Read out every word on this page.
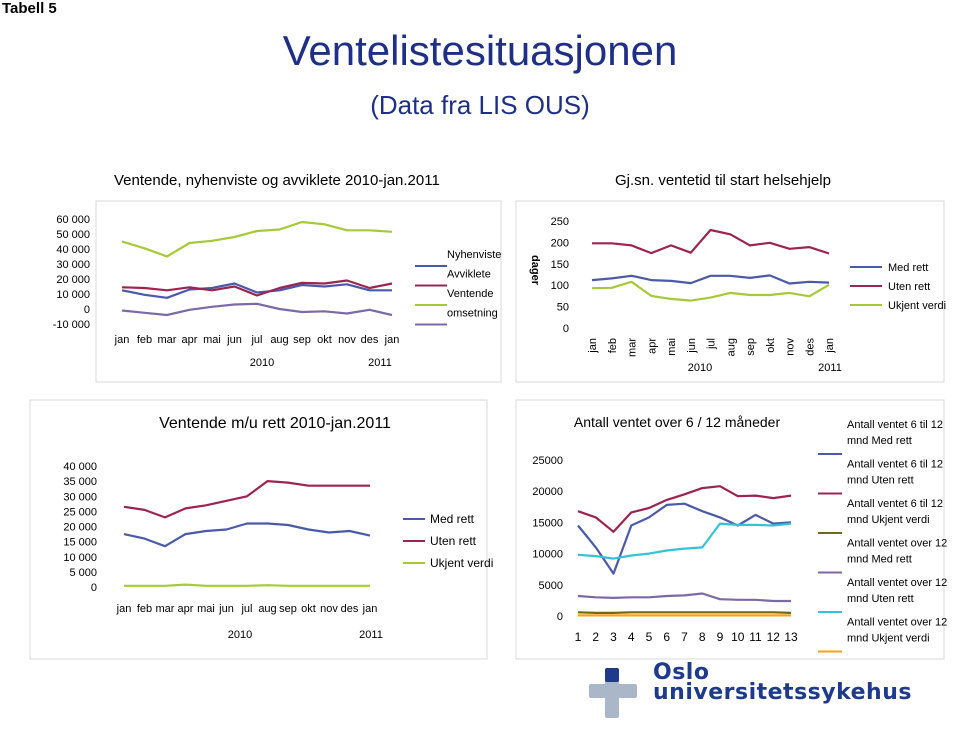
Tabell 5
Ventelistesituasjonen
(Data fra LIS OUS)
Ventende, nyhenviste og avviklete 2010-jan.2011	Gj.sn. ventetid til start helsehjelp
60 000
50 000
40 000
30 000
20 000
10 000
0
-10 000
jan feb mar apr mai jun jul aug sep okt nov des jan
2010	2011
Nyhenviste
Avviklete
Ventende
omsetning
250
200
150
100
50
0
dager
jan feb mar apr mai jun jul aug sep okt nov des jan
2010	2011
Med rett
Uten rett
Ukjent verdi
Ventende m/u rett 2010-jan.2011
40 000
35 000
30 000
25 000
20 000
15 000
10 000
5 000
0
jan feb mar apr mai jun jul aug sep okt nov des jan
2010	2011
Med rett
Uten rett
Ukjent verdi
Antall ventet over 6 / 12 måneder
25000
20000
15000
10000
5000
0
1 2 3 4 5 6 7 8 9 10 11 12 13
Antall ventet 6 til 12
mnd Med rett
Antall ventet 6 til 12
mnd Uten rett
Antall ventet 6 til 12
mnd Ukjent verdi
Antall ventet over 12
mnd Med rett
Antall ventet over 12
mnd Uten rett
Antall ventet over 12
mnd Ukjent verdi
Oslo
universitetssykehus
